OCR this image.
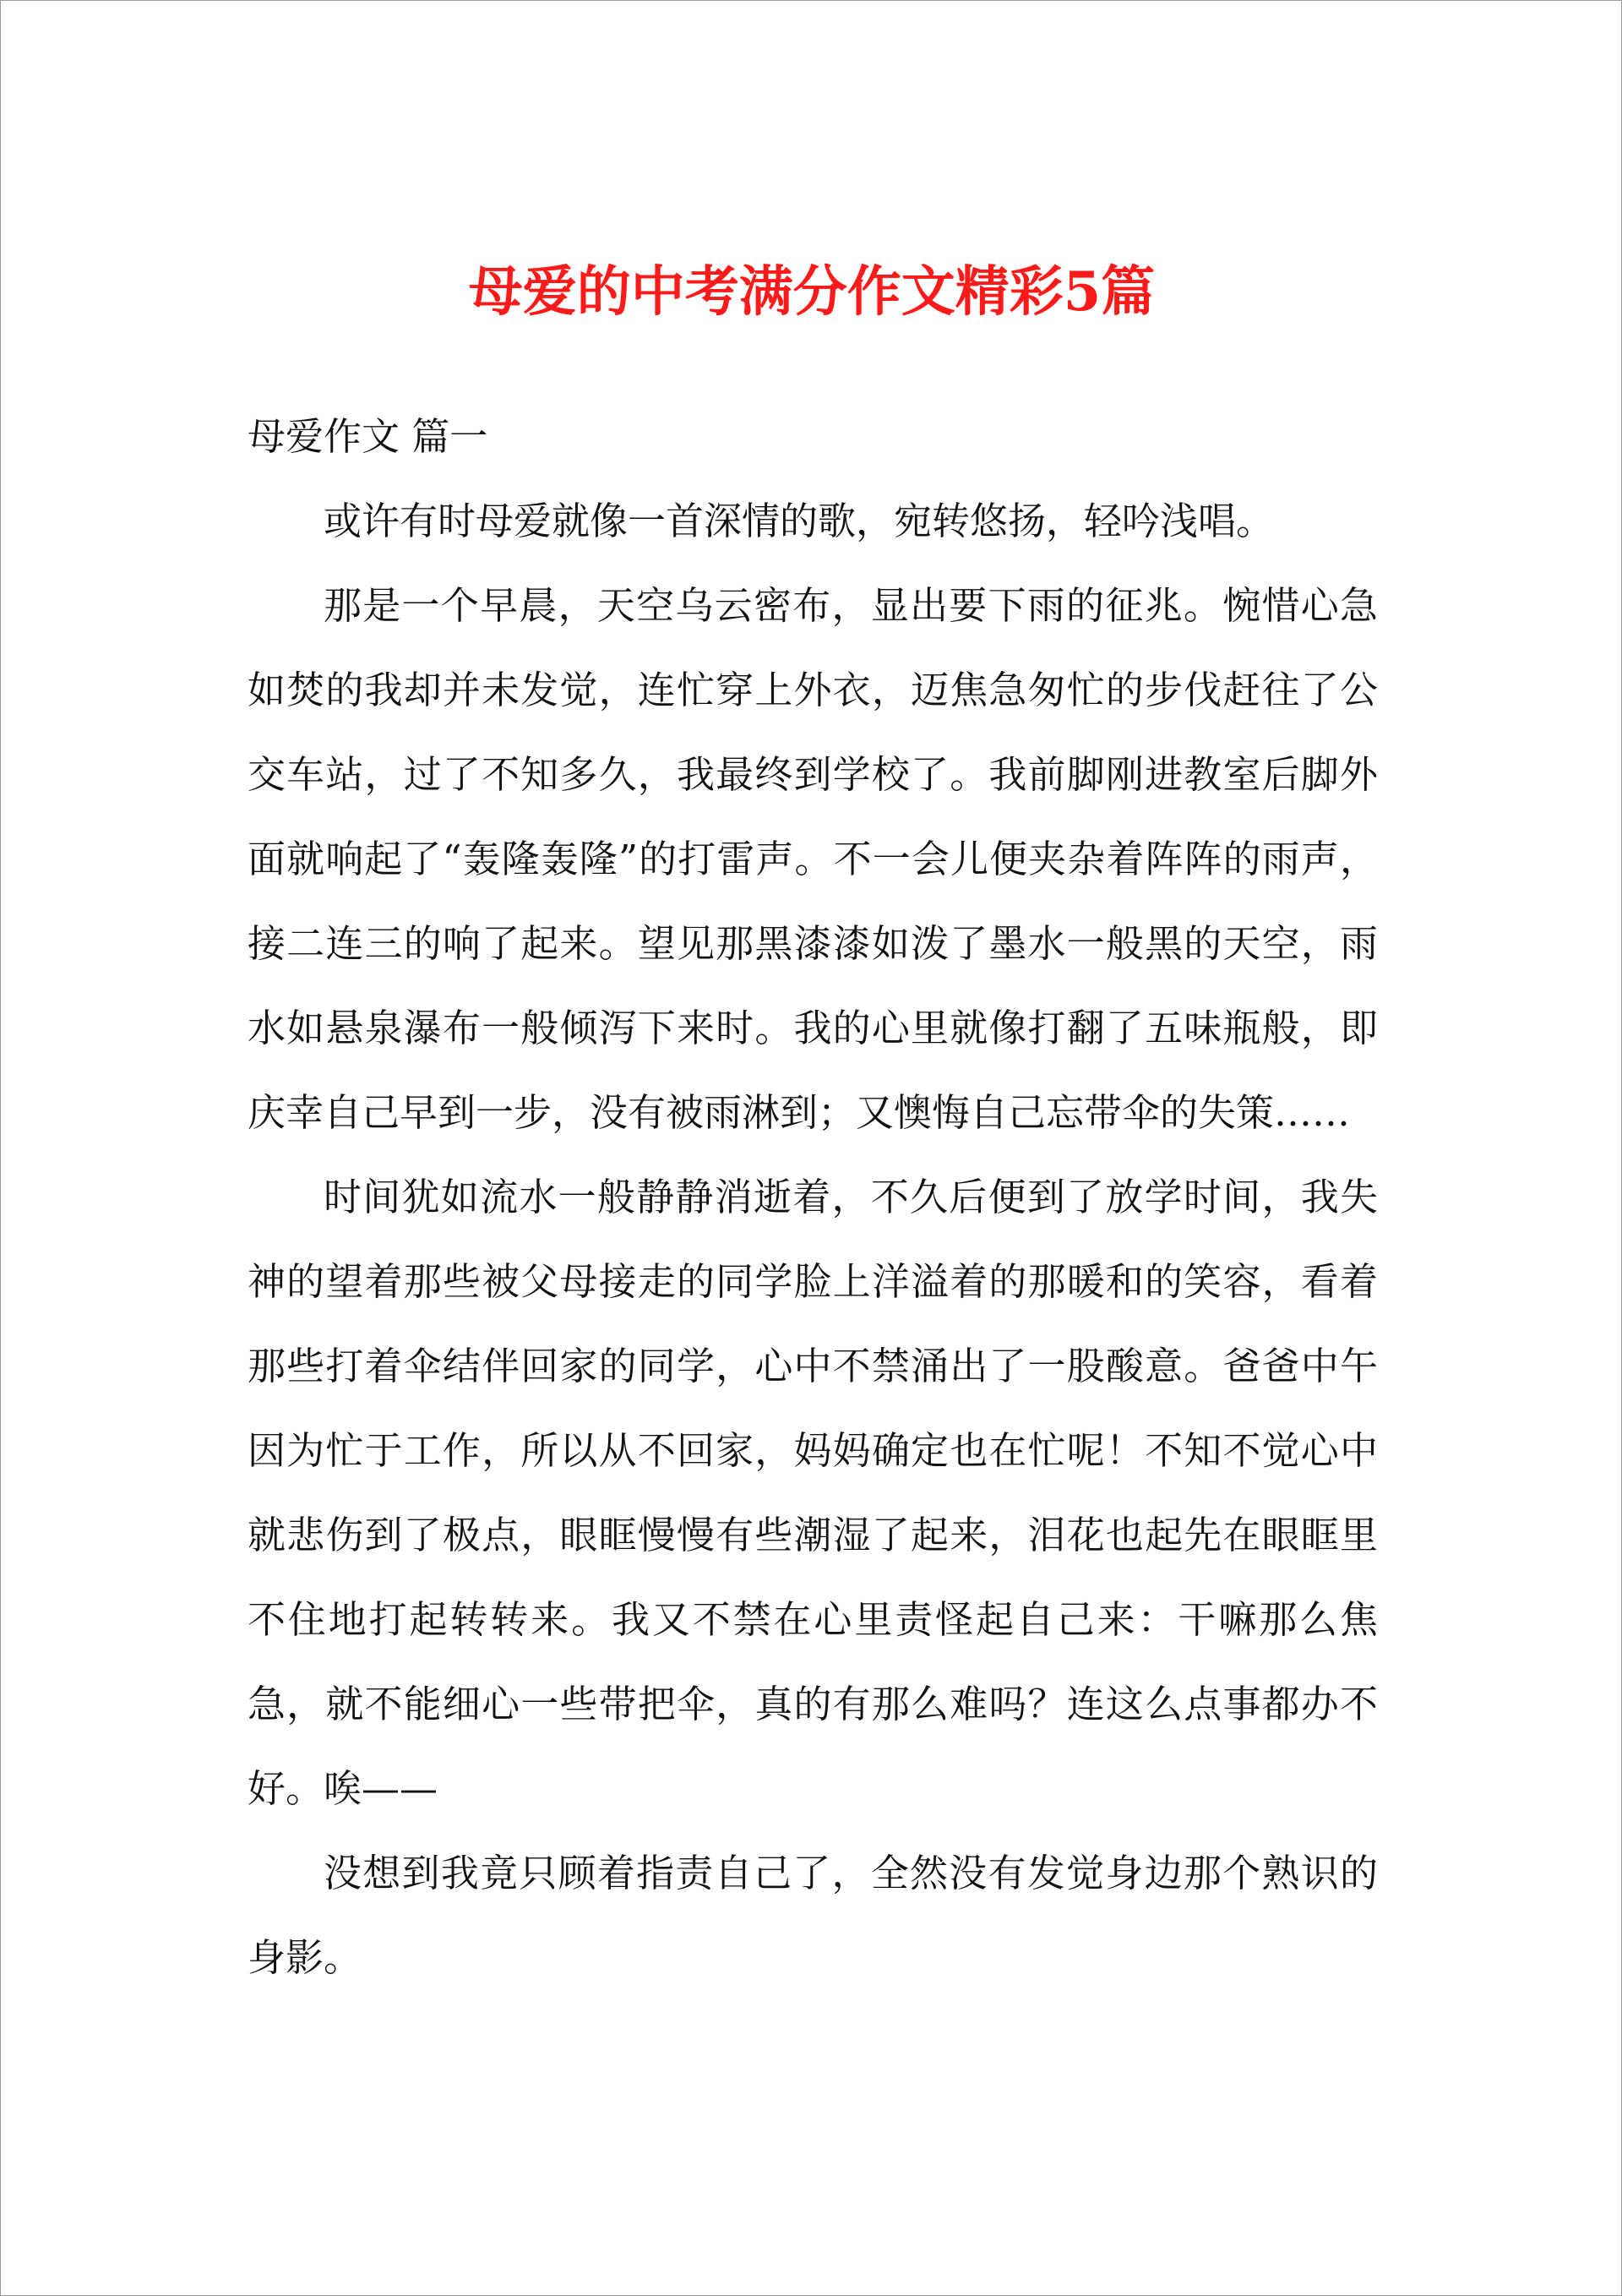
母爱的中考满分作文精彩5篇

母爱作文 篇一

或许有时母爱就像一首深情的歌，宛转悠扬，轻吟浅唱。

那是一个早晨，天空乌云密布，显出要下雨的征兆。惋惜心急如焚的我却并未发觉，连忙穿上外衣，迈焦急匆忙的步伐赶往了公交车站，过了不知多久，我最终到学校了。我前脚刚进教室后脚外面就响起了“轰隆轰隆”的打雷声。不一会儿便夹杂着阵阵的雨声，接二连三的响了起来。望见那黑漆漆如泼了墨水一般黑的天空，雨水如悬泉瀑布一般倾泻下来时。我的心里就像打翻了五味瓶般，即庆幸自己早到一步，没有被雨淋到；又懊悔自己忘带伞的失策……

时间犹如流水一般静静消逝着，不久后便到了放学时间，我失神的望着那些被父母接走的同学脸上洋溢着的那暖和的笑容，看着那些打着伞结伴回家的同学，心中不禁涌出了一股酸意。爸爸中午因为忙于工作，所以从不回家，妈妈确定也在忙呢！不知不觉心中就悲伤到了极点，眼眶慢慢有些潮湿了起来，泪花也起先在眼眶里不住地打起转转来。我又不禁在心里责怪起自己来：干嘛那么焦急，就不能细心一些带把伞，真的有那么难吗？连这么点事都办不好。唉——

没想到我竟只顾着指责自己了，全然没有发觉身边那个熟识的身影。
